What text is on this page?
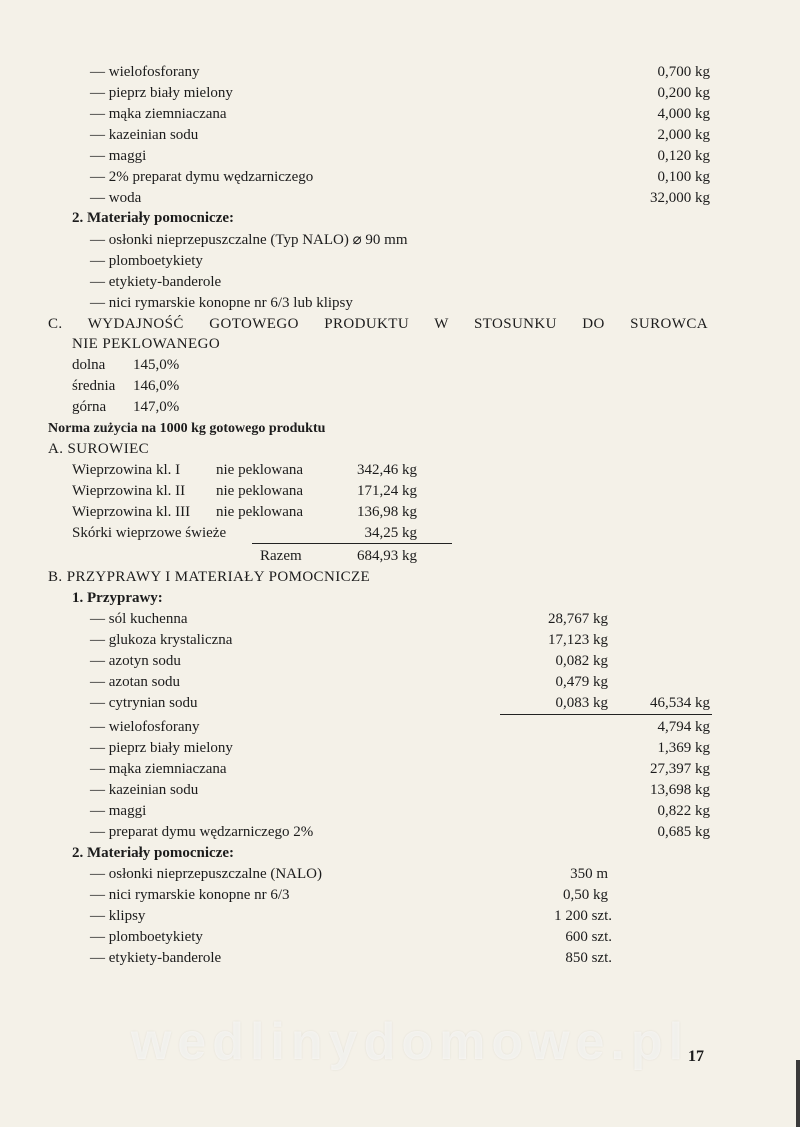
— wielofosforany	0,700 kg
— pieprz biały mielony	0,200 kg
— mąka ziemniaczana	4,000 kg
— kazeinian sodu	2,000 kg
— maggi	0,120 kg
— 2% preparat dymu wędzarniczego	0,100 kg
— woda	32,000 kg
2. Materiały pomocnicze:
— osłonki nieprzepuszczalne (Typ NALO) ⌀ 90 mm
— plomboetykiety
— etykiety-banderole
— nici rymarskie konopne nr 6/3 lub klipsy
C. WYDAJNOŚĆ GOTOWEGO PRODUKTU W STOSUNKU DO SUROWCA
NIE PEKLOWANEGO
dolna 145,0%
średnia 146,0%
górna 147,0%
Norma zużycia na 1000 kg gotowego produktu
A. SUROWIEC
Wieprzowina kl. I nie peklowana	342,46 kg
Wieprzowina kl. II nie peklowana	171,24 kg
Wieprzowina kl. III nie peklowana	136,98 kg
Skórki wieprzowe świeże	34,25 kg
Razem	684,93 kg
B. PRZYPRAWY I MATERIAŁY POMOCNICZE
1. Przyprawy:
— sól kuchenna	28,767 kg
— glukoza krystaliczna	17,123 kg
— azotyn sodu	0,082 kg
— azotan sodu	0,479 kg
— cytrynian sodu	0,083 kg	46,534 kg
— wielofosforany	4,794 kg
— pieprz biały mielony	1,369 kg
— mąka ziemniaczana	27,397 kg
— kazeinian sodu	13,698 kg
— maggi	0,822 kg
— preparat dymu wędzarniczego 2%	0,685 kg
2. Materiały pomocnicze:
— osłonki nieprzepuszczalne (NALO)	350 m
— nici rymarskie konopne nr 6/3	0,50 kg
— klipsy	1 200 szt.
— plomboetykiety	600 szt.
— etykiety-banderole	850 szt.
wedlinydomowe.pl
17
